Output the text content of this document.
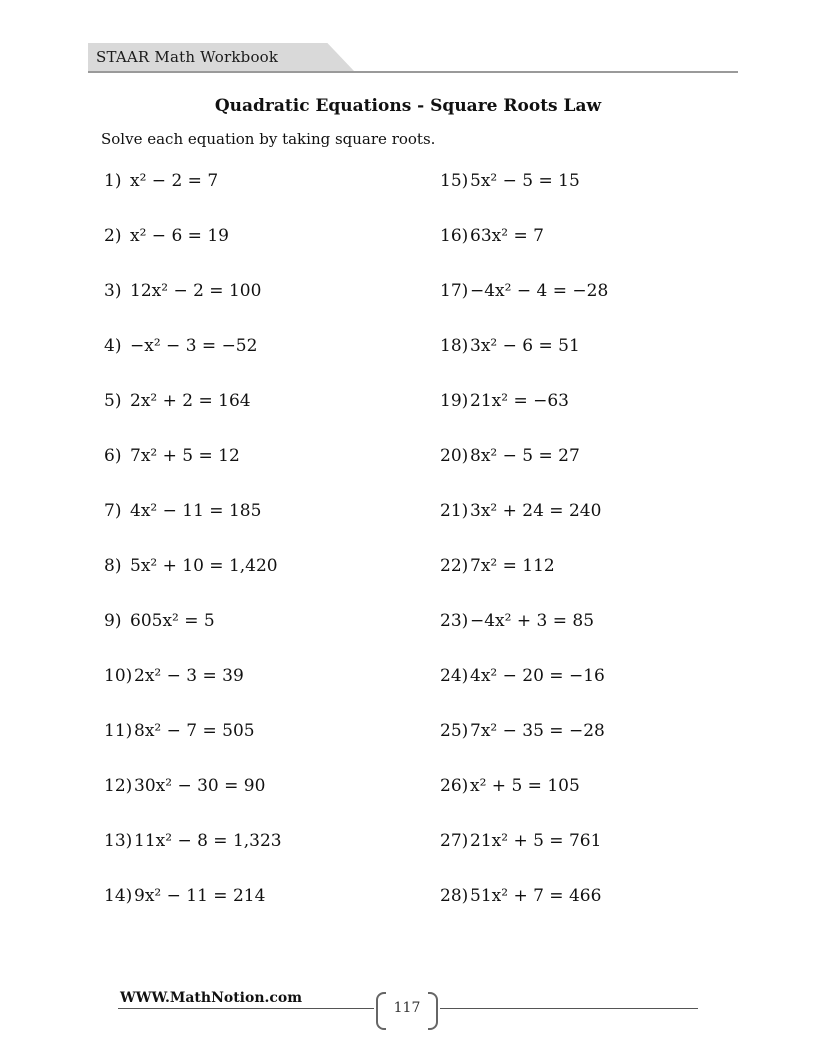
STAAR Math Workbook
Quadratic Equations - Square Roots Law
Solve each equation by taking square roots.
1) x² − 2 = 7
2) x² − 6 = 19
3) 12x² − 2 = 100
4) −x² − 3 = −52
5) 2x² + 2 = 164
6) 7x² + 5 = 12
7) 4x² − 11 = 185
8) 5x² + 10 = 1,420
9) 605x² = 5
10) 2x² − 3 = 39
11) 8x² − 7 = 505
12) 30x² − 30 = 90
13) 11x² − 8 = 1,323
14) 9x² − 11 = 214
15) 5x² − 5 = 15
16) 63x² = 7
17) −4x² − 4 = −28
18) 3x² − 6 = 51
19) 21x² = −63
20) 8x² − 5 = 27
21) 3x² + 24 = 240
22) 7x² = 112
23) −4x² + 3 = 85
24) 4x² − 20 = −16
25) 7x² − 35 = −28
26) x² + 5 = 105
27) 21x² + 5 = 761
28) 51x² + 7 = 466
WWW.MathNotion.com
117
